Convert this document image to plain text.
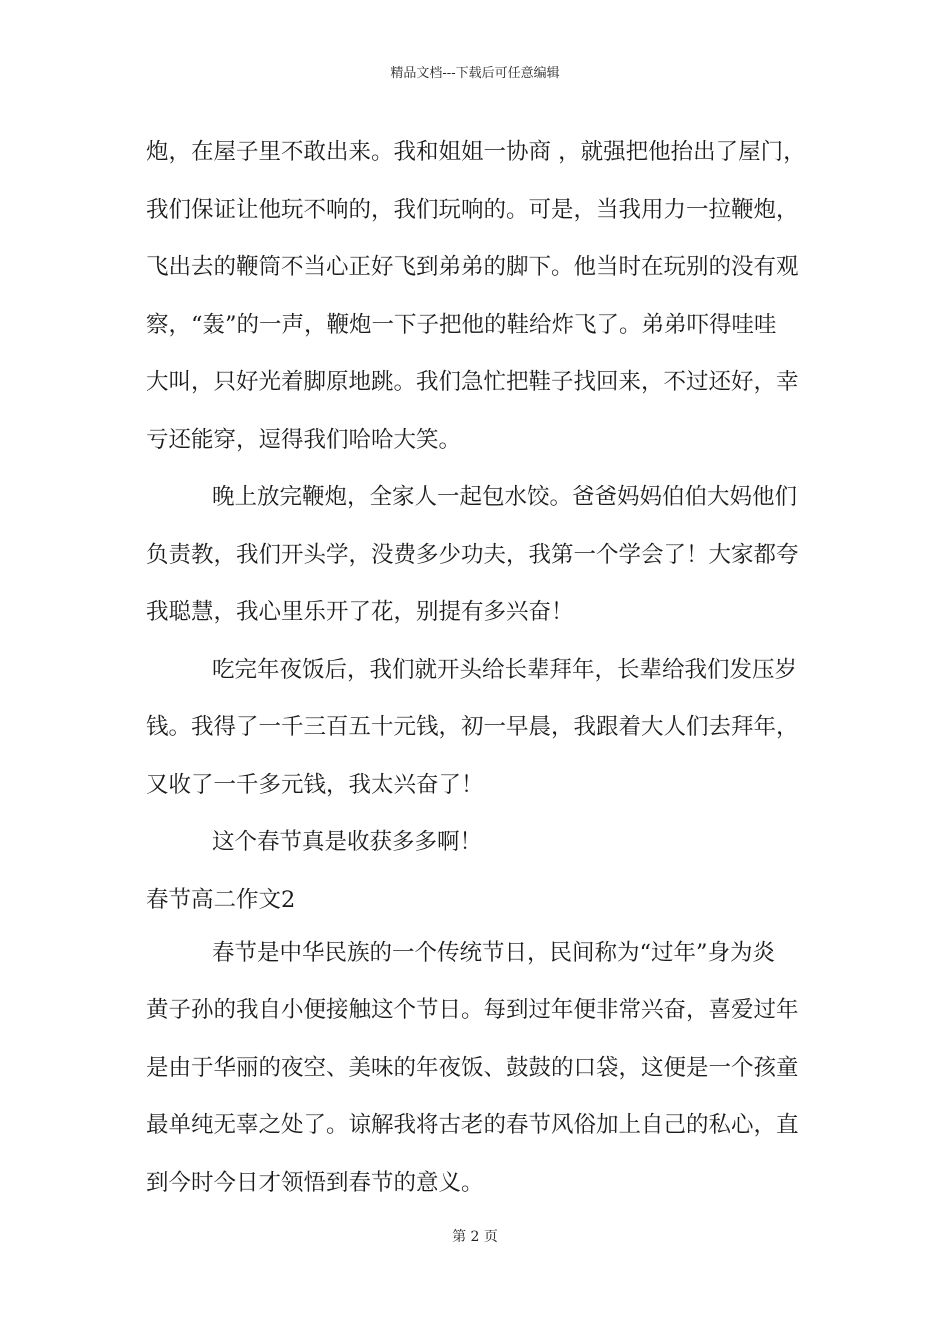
精品文档---下载后可任意编辑
炮，在屋子里不敢出来。我和姐姐一协商 ，就强把他抬出了屋门，
我们保证让他玩不响的，我们玩响的。可是，当我用力一拉鞭炮，
飞出去的鞭筒不当心正好飞到弟弟的脚下。他当时在玩别的没有观
察，“轰”的一声，鞭炮一下子把他的鞋给炸飞了。弟弟吓得哇哇
大叫，只好光着脚原地跳。我们急忙把鞋子找回来，不过还好，幸
亏还能穿，逗得我们哈哈大笑。
晚上放完鞭炮，全家人一起包水饺。爸爸妈妈伯伯大妈他们
负责教，我们开头学，没费多少功夫，我第一个学会了！大家都夸
我聪慧，我心里乐开了花，别提有多兴奋！
吃完年夜饭后，我们就开头给长辈拜年，长辈给我们发压岁
钱。我得了一千三百五十元钱，初一早晨，我跟着大人们去拜年，
又收了一千多元钱，我太兴奋了！
这个春节真是收获多多啊！
春节高二作文2
春节是中华民族的一个传统节日，民间称为“过年”身为炎
黄子孙的我自小便接触这个节日。每到过年便非常兴奋，喜爱过年
是由于华丽的夜空、美味的年夜饭、鼓鼓的口袋，这便是一个孩童
最单纯无辜之处了。谅解我将古老的春节风俗加上自己的私心，直
到今时今日才领悟到春节的意义。
第 2 页
